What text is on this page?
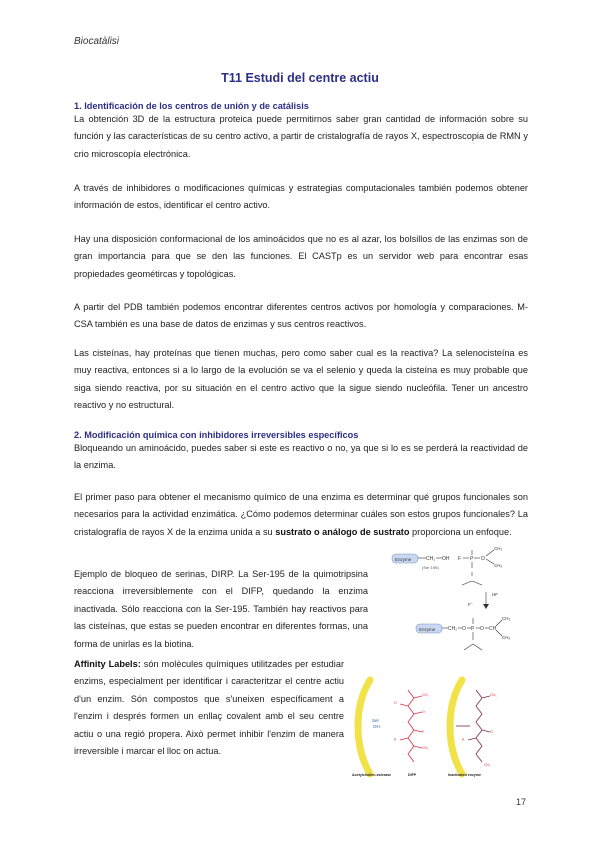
Biocatàlisi
T11 Estudi del centre actiu
1. Identificación de los centros de unión y de catálisis

La obtención 3D de la estructura proteica puede permitirnos saber gran cantidad de información sobre su función y las características de su centro activo, a partir de cristalografía de rayos X, espectroscopia de RMN y crio microscopía electrónica.

A través de inhibidores o modificaciones químicas y estrategias computacionales también podemos obtener información de estos, identificar el centro activo.

Hay una disposición conformacional de los aminoácidos que no es al azar, los bolsillos de las enzimas son de gran importancia para que se den las funciones. El CASTp es un servidor web para encontrar esas propiedades geométircas y topológicas.

A partir del PDB también podemos encontrar diferentes centros activos por homología y comparaciones. M-CSA también es una base de datos de enzimas y sus centros reactivos.

Las cisteínas, hay proteínas que tienen muchas, pero como saber cual es la reactiva? La selenocisteína es muy reactiva, entonces si a lo largo de la evolución se va el selenio y queda la cisteína es muy probable que siga siendo reactiva, por su situación en el centro activo que la sigue siendo nucleófila. Tener un ancestro reactivo y no estructural.

2. Modificación química con inhibidores irreversibles específicos

Bloqueando un aminoácido, puedes saber si este es reactivo o no, ya que si lo es se perderá la reactividad de la enzima.

El primer paso para obtener el mecanismo químico de una enzima es determinar qué grupos funcionales son necesarios para la actividad enzimática. ¿Cómo podemos determinar cuáles son estos grupos funcionales? La cristalografía de rayos X de la enzima unida a su sustrato o análogo de sustrato proporciona un enfoque.

Ejemplo de bloqueo de serinas, DIRP. La Ser-195 de la quimotripsina reacciona irreversiblemente con el DIFP, quedando la enzima inactivada. Sólo reacciona con la Ser-195. También hay reactivos para las cisteínas, que estas se pueden encontrar en diferentes formas, una forma de unirlas es la biotina.

Affinity Labels: són molècules químiques utilitzades per estudiar enzims, especialment per identificar i caracteritzar el centre actiu d'un enzim. Són compostos que s'uneixen específicament a l'enzim i després formen un enllaç covalent amb el seu centre actiu o una regió propera. Això permet inhibir l'enzim de manera irreversible i marcar el lloc on actua.

Enzyme	CH₂ OH
(Ser 195)
F P O
CH₃
CH₃
HF
F⁻
Enzyme	CH₂ O P O CH
CH₃
CH₃
Ser
OH
CH₃
O
F
CH₃
O
P
CH₃
O
P
CH₃
Acetylcholine-esterase	DIFP	Inactivated enzyme
17
